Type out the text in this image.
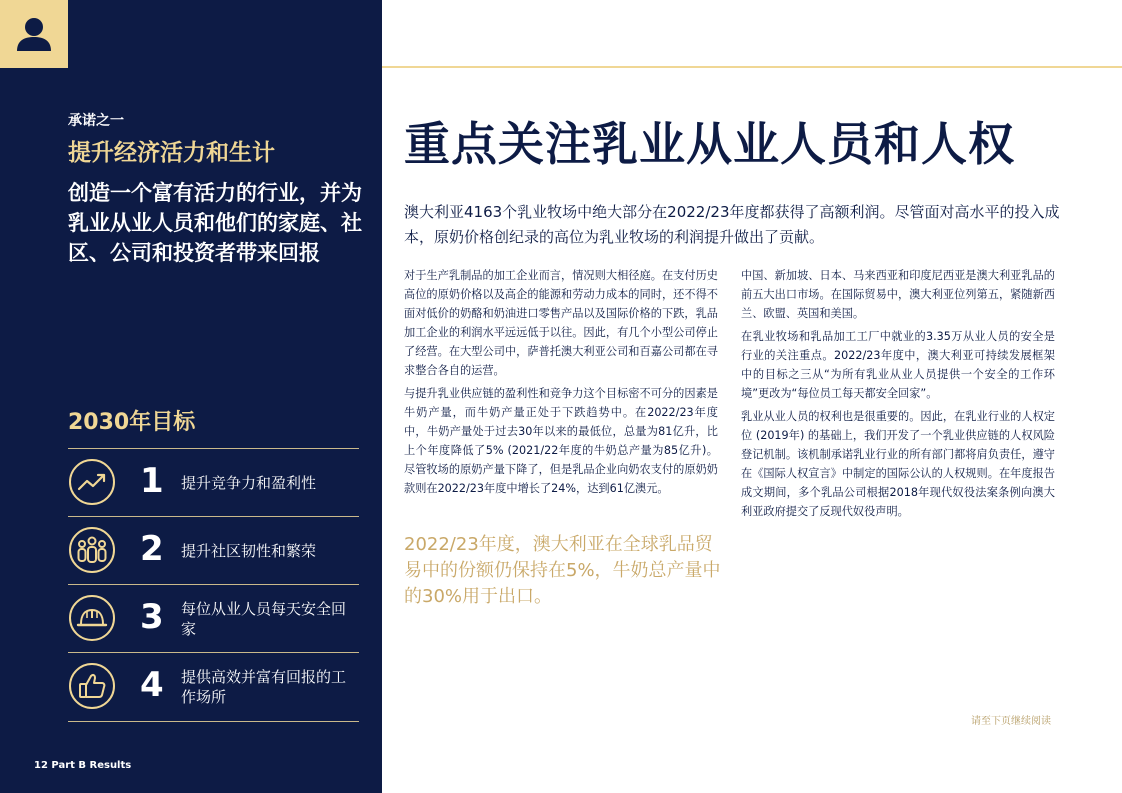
承诺之一
提升经济活力和生计
创造一个富有活力的行业，并为乳业从业人员和他们的家庭、社区、公司和投资者带来回报
2030年目标
1 提升竞争力和盈利性
2 提升社区韧性和繁荣
3 每位从业人员每天安全回家
4 提供高效并富有回报的工作场所
12 Part B Results
重点关注乳业从业人员和人权
澳大利亚4163个乳业牧场中绝大部分在2022/23年度都获得了高额利润。尽管面对高水平的投入成本，原奶价格创纪录的高位为乳业牧场的利润提升做出了贡献。

对于生产乳制品的加工企业而言，情况则大相径庭。在支付历史高位的原奶价格以及高企的能源和劳动力成本的同时，还不得不面对低价的奶酪和奶油进口零售产品以及国际价格的下跌，乳品加工企业的利润水平远远低于以往。因此，有几个小型公司停止了经营。在大型公司中，萨普托澳大利亚公司和百嘉公司都在寻求整合各自的运营。

与提升乳业供应链的盈利性和竞争力这个目标密不可分的因素是牛奶产量，而牛奶产量正处于下跌趋势中。在2022/23年度中，牛奶产量处于过去30年以来的最低位，总量为81亿升，比上个年度降低了5% (2021/22年度的牛奶总产量为85亿升)。尽管牧场的原奶产量下降了，但是乳品企业向奶农支付的原奶奶款则在2022/23年度中增长了24%，达到61亿澳元。

2022/23年度，澳大利亚在全球乳品贸易中的份额仍保持在5%，牛奶总产量中的30%用于出口。

中国、新加坡、日本、马来西亚和印度尼西亚是澳大利亚乳品的前五大出口市场。在国际贸易中，澳大利亚位列第五，紧随新西兰、欧盟、英国和美国。

在乳业牧场和乳品加工工厂中就业的3.35万从业人员的安全是行业的关注重点。2022/23年度中，澳大利亚可持续发展框架中的目标之三从“为所有乳业从业人员提供一个安全的工作环境”更改为“每位员工每天都安全回家”。

乳业从业人员的权利也是很重要的。因此，在乳业行业的人权定位 (2019年) 的基础上，我们开发了一个乳业供应链的人权风险登记机制。该机制承诺乳业行业的所有部门都将肩负责任，遵守在《国际人权宣言》中制定的国际公认的人权规则。在年度报告成文期间，多个乳品公司根据2018年现代奴役法案条例向澳大利亚政府提交了反现代奴役声明。

请至下页继续阅读
